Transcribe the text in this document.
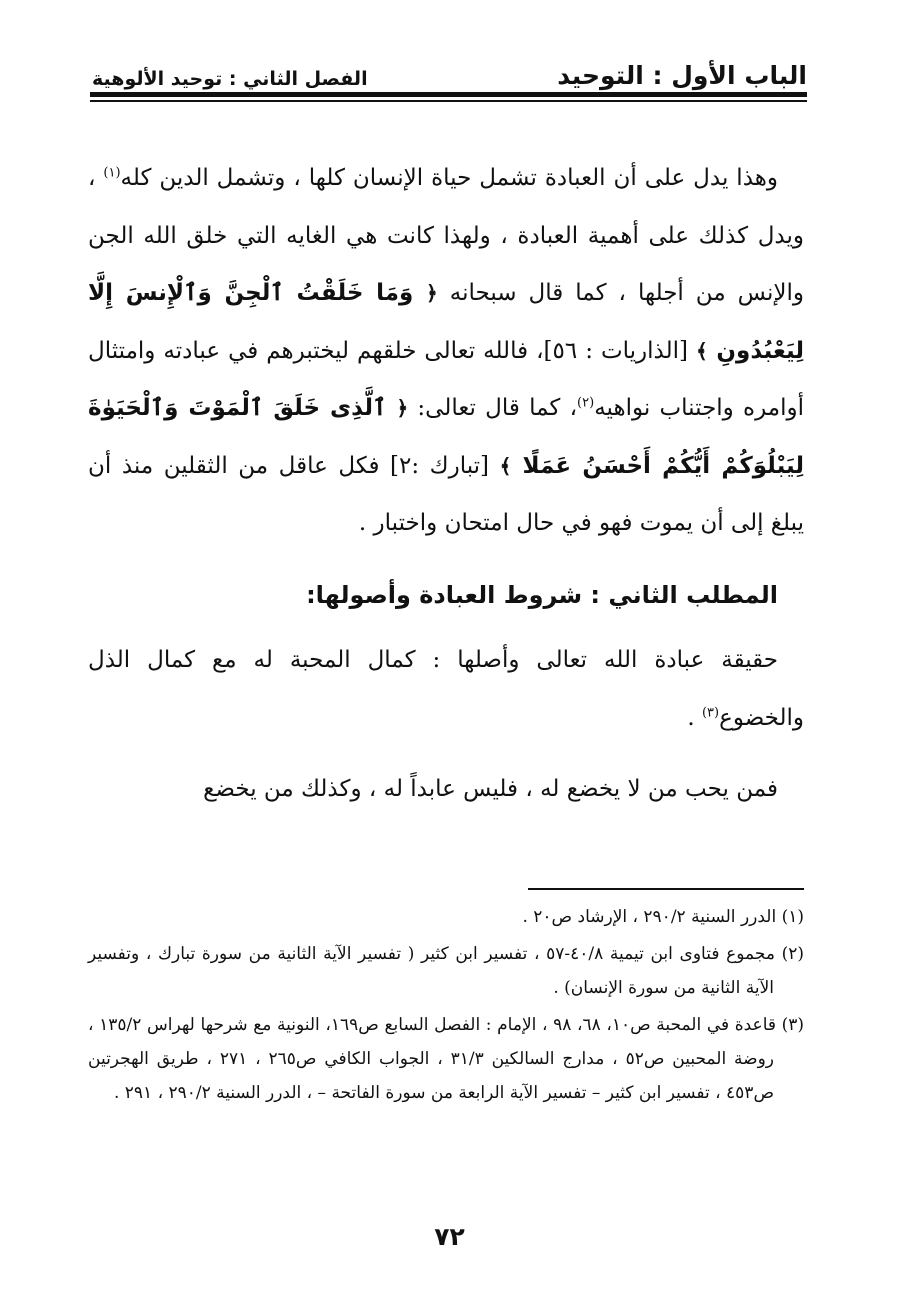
الباب الأول : التوحيد
الفصل الثاني : توحيد الألوهية

وهذا يدل على أن العبادة تشمل حياة الإنسان كلها ، وتشمل الدين كله$^{(١)}$ ، ويدل كذلك على أهمية العبادة ، ولهذا كانت هي الغايه التي خلق الله الجن والإنس من أجلها ، كما قال سبحانه ﴿ وَمَا خَلَقْتُ ٱلْجِنَّ وَٱلْإِنسَ إِلَّا لِيَعْبُدُونِ ﴾ [الذاريات : ٥٦]، فالله تعالى خلقهم ليختبرهم في عبادته وامتثال أوامره واجتناب نواهيه$^{(٢)}$، كما قال تعالى: ﴿ ٱلَّذِى خَلَقَ ٱلْمَوْتَ وَٱلْحَيَوٰةَ لِيَبْلُوَكُمْ أَيُّكُمْ أَحْسَنُ عَمَلًا ﴾ [تبارك :٢] فكل عاقل من الثقلين منذ أن يبلغ إلى أن يموت فهو في حال امتحان واختبار .

المطلب الثاني : شروط العبادة وأصولها:

حقيقة عبادة الله تعالى وأصلها : كمال المحبة له مع كمال الذل والخضوع$^{(٣)}$ .

فمن يحب من لا يخضع له ، فليس عابداً له ، وكذلك من يخضع

(١) الدرر السنية ٢٩٠/٢ ، الإرشاد ص٢٠ .

(٢) مجموع فتاوى ابن تيمية ٤٠/٨-٥٧ ، تفسير ابن كثير ( تفسير الآية الثانية من سورة تبارك ، وتفسير الآية الثانية من سورة الإنسان) .

(٣) قاعدة في المحبة ص١٠، ٦٨، ٩٨ ، الإمام : الفصل السابع ص١٦٩، النونية مع شرحها لهراس ١٣٥/٢ ، روضة المحبين ص٥٢ ، مدارج السالكين ٣١/٣ ، الجواب الكافي ص٢٦٥ ، ٢٧١ ، طريق الهجرتين ص٤٥٣ ، تفسير ابن كثير – تفسير الآية الرابعة من سورة الفاتحة – ، الدرر السنية ٢٩٠/٢ ، ٢٩١ .

٧٢
